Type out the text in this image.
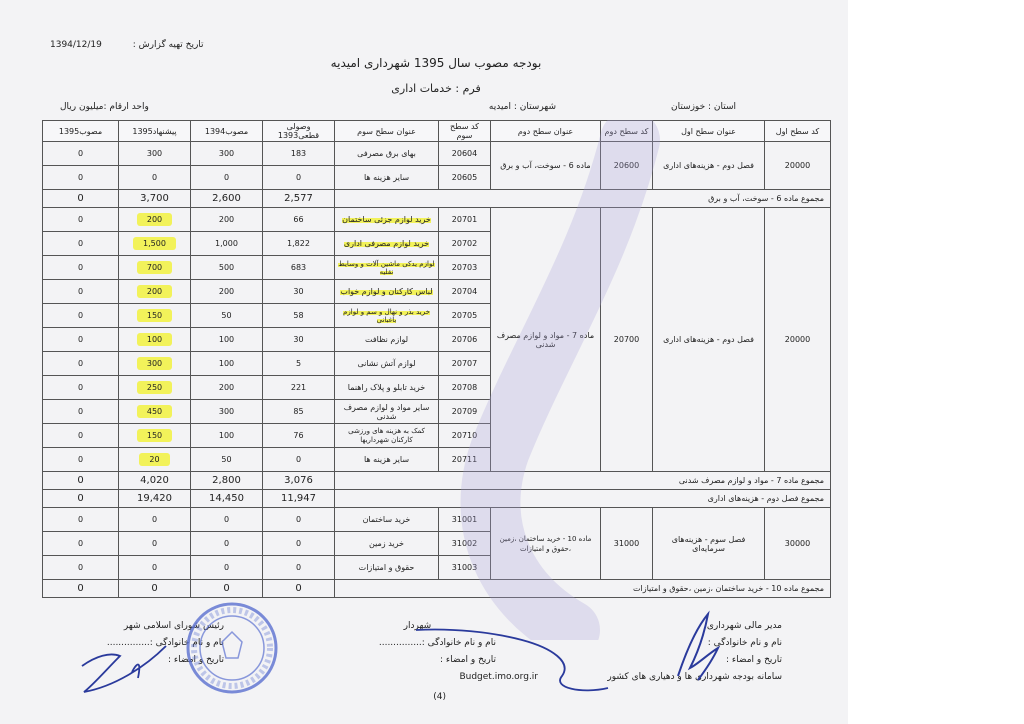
تاریخ تهیه گزارش : 1394/12/19
بودجه مصوب سال 1395 شهرداری امیدیه
فرم : خدمات اداری
استان : خوزستان
شهرستان : امیدیه
واحد ارقام :میلیون ریال
کد سطح اول	عنوان سطح اول	کد سطح دوم	عنوان سطح دوم	کد سطح سوم	عنوان سطح سوم	وصولی قطعی1393	مصوب1394	پیشنهاد1395	مصوب1395
20000	فصل دوم - هزینه‌های اداری	20600	ماده 6 - سوخت، آب و برق	20604	بهای برق مصرفی	183	300	300	0
				20605	سایر هزینه ها	0	0	0	0
مجموع ماده 6 - سوخت، آب و برق						2,577	2,600	3,700	0
20000	فصل دوم - هزینه‌های اداری	20700	ماده 7 - مواد و لوازم مصرف شدنی	20701	خرید لوازم جزئی ساختمان	66	200	200	0
				20702	خرید لوازم مصرفی اداری	1,822	1,000	1,500	0
				20703	لوازم یدکی ماشین آلات و وسایط نقلیه	683	500	700	0
				20704	لباس کارکنان و لوازم خواب	30	200	200	0
				20705	خرید بذر و نهال و سم و لوازم باغبانی	58	50	150	0
				20706	لوازم نظافت	30	100	100	0
				20707	لوازم آتش نشانی	5	100	300	0
				20708	خرید تابلو و پلاک راهنما	221	200	250	0
				20709	سایر مواد و لوازم مصرف شدنی	85	300	450	0
				20710	کمک به هزینه های ورزشی کارکنان شهرداریها	76	100	150	0
				20711	سایر هزینه ها	0	50	20	0
مجموع ماده 7 - مواد و لوازم مصرف شدنی						3,076	2,800	4,020	0
مجموع فصل دوم - هزینه‌های اداری						11,947	14,450	19,420	0
30000	فصل سوم - هزینه‌های سرمایه‌ای	31000	ماده 10 - خرید ساختمان ،زمین ،حقوق و امتیازات	31001	خرید ساختمان	0	0	0	0
				31002	خرید زمین	0	0	0	0
				31003	حقوق و امتیازات	0	0	0	0
مجموع ماده 10 - خرید ساختمان ،زمین ،حقوق و امتیازات						0	0	0	0
مدیر مالی شهرداری
نام و نام خانوادگی :
تاریخ و امضاء :
شهردار
نام و نام خانوادگی :...............
تاریخ و امضاء :
رئیس شورای اسلامی شهر
نام و نام خانوادگی :...............
تاریخ و امضاء :
سامانه بودجه شهرداری ها و دهیاری های کشور
Budget.imo.org.ir
(4)
